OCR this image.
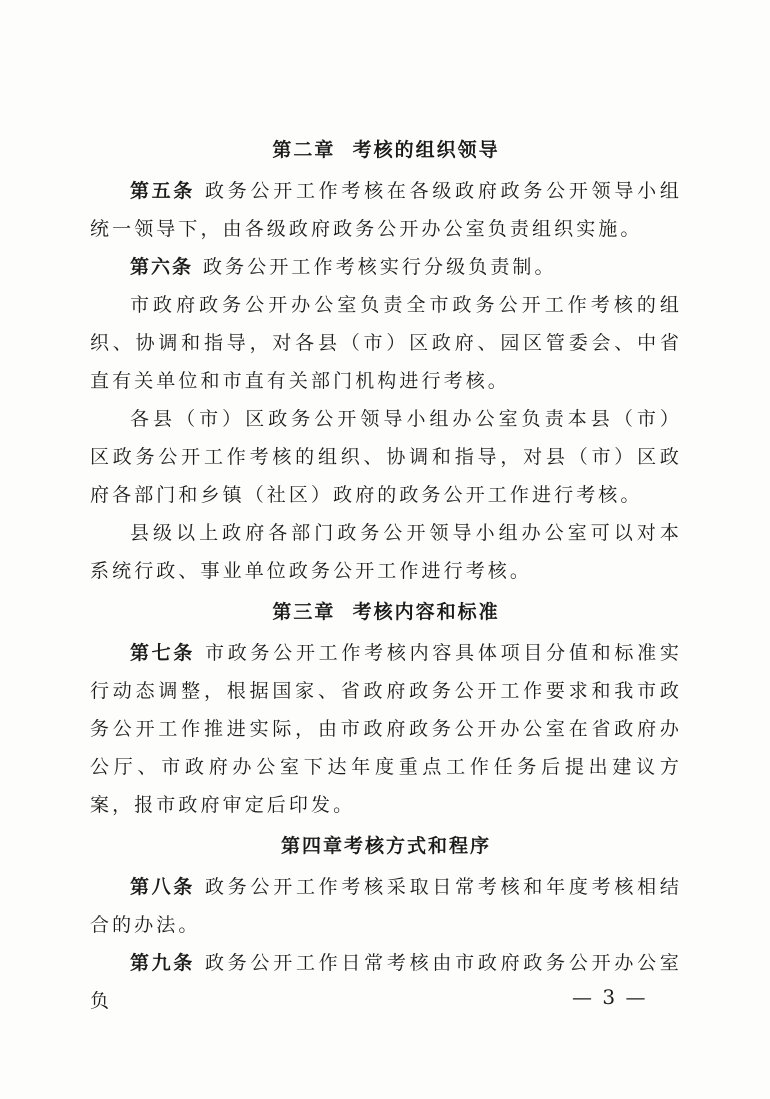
第二章  考核的组织领导

第五条 政务公开工作考核在各级政府政务公开领导小组统一领导下，由各级政府政务公开办公室负责组织实施。

第六条 政务公开工作考核实行分级负责制。

市政府政务公开办公室负责全市政务公开工作考核的组织、协调和指导，对各县（市）区政府、园区管委会、中省直有关单位和市直有关部门机构进行考核。

各县（市）区政务公开领导小组办公室负责本县（市）区政务公开工作考核的组织、协调和指导，对县（市）区政府各部门和乡镇（社区）政府的政务公开工作进行考核。

县级以上政府各部门政务公开领导小组办公室可以对本系统行政、事业单位政务公开工作进行考核。

第三章  考核内容和标准

第七条 市政务公开工作考核内容具体项目分值和标准实行动态调整，根据国家、省政府政务公开工作要求和我市政务公开工作推进实际，由市政府政务公开办公室在省政府办公厅、市政府办公室下达年度重点工作任务后提出建议方案，报市政府审定后印发。

第四章考核方式和程序

第八条 政务公开工作考核采取日常考核和年度考核相结合的办法。

第九条 政务公开工作日常考核由市政府政务公开办公室负	— 3 —
